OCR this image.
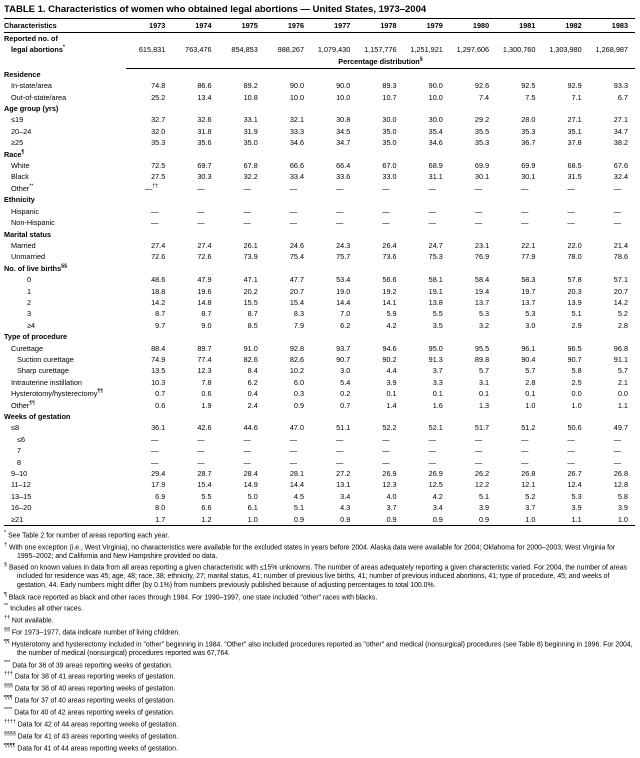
TABLE 1. Characteristics of women who obtained legal abortions — United States, 1973–2004
Characteristics	1973	1974	1975	1976	1977	1978	1979	1980	1981	1982	1983

Reported no. of
legal abortions*	615,831	763,476	854,853	988,267	1,079,430	1,157,776	1,251,921	1,297,606	1,300,760	1,303,980	1,268,987
	Percentage distribution§
Residence											
In-state/area	74.8	86.6	89.2	90.0	90.0	89.3	90.0	92.6	92.5	92.9	93.3
Out-of-state/area	25.2	13.4	10.8	10.0	10.0	10.7	10.0	7.4	7.5	7.1	6.7
Age group (yrs)											
≤19	32.7	32.6	33.1	32.1	30.8	30.0	30.0	29.2	28.0	27.1	27.1
20–24	32.0	31.8	31.9	33.3	34.5	35.0	35.4	35.5	35.3	35.1	34.7
≥25	35.3	35.6	35.0	34.6	34.7	35.0	34.6	35.3	36.7	37.8	38.2
Race¶
White	72.5	69.7	67.8	66.6	66.4	67.0	68.9	69.9	69.9	68.5	67.6
Black	27.5	30.3	32.2	33.4	33.6	33.0	31.1	30.1	30.1	31.5	32.4
Other**	—††	—	—	—	—	—	—	—	—	—	—
Ethnicity											
Hispanic	—	—	—	—	—	—	—	—	—	—	—
Non-Hispanic	—	—	—	—	—	—	—	—	—	—	—
Marital status											
Married	27.4	27.4	26.1	24.6	24.3	26.4	24.7	23.1	22.1	22.0	21.4
Unmarried	72.6	72.6	73.9	75.4	75.7	73.6	75.3	76.9	77.9	78.0	78.6
No. of live births§§
0	48.6	47.9	47.1	47.7	53.4	56.6	58.1	58.4	58.3	57.8	57.1
1	18.8	19.6	20.2	20.7	19.0	19.2	19.1	19.4	19.7	20.3	20.7
2	14.2	14.8	15.5	15.4	14.4	14.1	13.8	13.7	13.7	13.9	14.2
3	8.7	8.7	8.7	8.3	7.0	5.9	5.5	5.3	5.3	5.1	5.2
≥4	9.7	9.0	8.5	7.9	6.2	4.2	3.5	3.2	3.0	2.9	2.8
Type of procedure											
Curettage	88.4	89.7	91.0	92.8	93.7	94.6	95.0	95.5	96.1	96.5	96.8
Suction curettage	74.9	77.4	82.6	82.6	90.7	90.2	91.3	89.8	90.4	90.7	91.1
Sharp curettage	13.5	12.3	8.4	10.2	3.0	4.4	3.7	5.7	5.7	5.8	5.7
Intrauterine instillation	10.3	7.8	6.2	6.0	5.4	3.9	3.3	3.1	2.8	2.5	2.1
Hysterotomy/hysterectomy¶¶	0.7	0.6	0.4	0.3	0.2	0.1	0.1	0.1	0.1	0.0	0.0
Other¶¶	0.6	1.9	2.4	0.9	0.7	1.4	1.6	1.3	1.0	1.0	1.1
Weeks of gestation											
≤8	36.1	42.6	44.6	47.0	51.1	52.2	52.1	51.7	51.2	50.6	49.7
≤6	—	—	—	—	—	—	—	—	—	—	—
7	—	—	—	—	—	—	—	—	—	—	—
8	—	—	—	—	—	—	—	—	—	—	—
9–10	29.4	28.7	28.4	28.1	27.2	26.9	26.9	26.2	26.8	26.7	26.8
11–12	17.9	15.4	14.9	14.4	13.1	12.3	12.5	12.2	12.1	12.4	12.8
13–15	6.9	5.5	5.0	4.5	3.4	4.0	4.2	5.1	5.2	5.3	5.8
16–20	8.0	6.6	6.1	5.1	4.3	3.7	3.4	3.9	3.7	3.9	3.9
≥21	1.7	1.2	1.0	0.9	0.9	0.9	0.9	0.9	1.0	1.1	1.0
* See Table 2 for number of areas reporting each year.
† With one exception (i.e., West Virginia), no characteristics were available for the excluded states in years before 2004. Alaska data were available for 2004; Oklahoma for 2000–2003; West Virginia for 1995–2002; and California and New Hampshire provided no data.
§ Based on known values in data from all areas reporting a given characteristic with ≤15% unknowns. The number of areas adequately reporting a given characteristic varied. For 2004, the number of areas included for residence was 45; age, 48; race, 38; ethnicity, 27; marital status, 41; number of previous live births, 41; number of previous induced abortions, 41; type of procedure, 45; and weeks of gestation, 44. Early numbers might differ (by 0.1%) from numbers previously published because of adjusting percentages to total 100.0%.
¶ Black race reported as black and other races through 1984. For 1990–1997, one state included "other" races with blacks.
** Includes all other races.
†† Not available.
§§ For 1973–1977, data indicate number of living children.
¶¶ Hysterotomy and hysterectomy included in "other" beginning in 1984. "Other" also included procedures reported as "other" and medical (nonsurgical) procedures (see Table 8) beginning in 1996. For 2004, the number of medical (nonsurgical) procedures reported was 67,764.
*** Data for 36 of 39 areas reporting weeks of gestation.
††† Data for 38 of 41 areas reporting weeks of gestation.
§§§ Data for 38 of 40 areas reporting weeks of gestation.
¶¶¶ Data for 37 of 40 areas reporting weeks of gestation.
**** Data for 40 of 42 areas reporting weeks of gestation.
†††† Data for 42 of 44 areas reporting weeks of gestation.
§§§§ Data for 41 of 43 areas reporting weeks of gestation.
¶¶¶¶ Data for 41 of 44 areas reporting weeks of gestation.
